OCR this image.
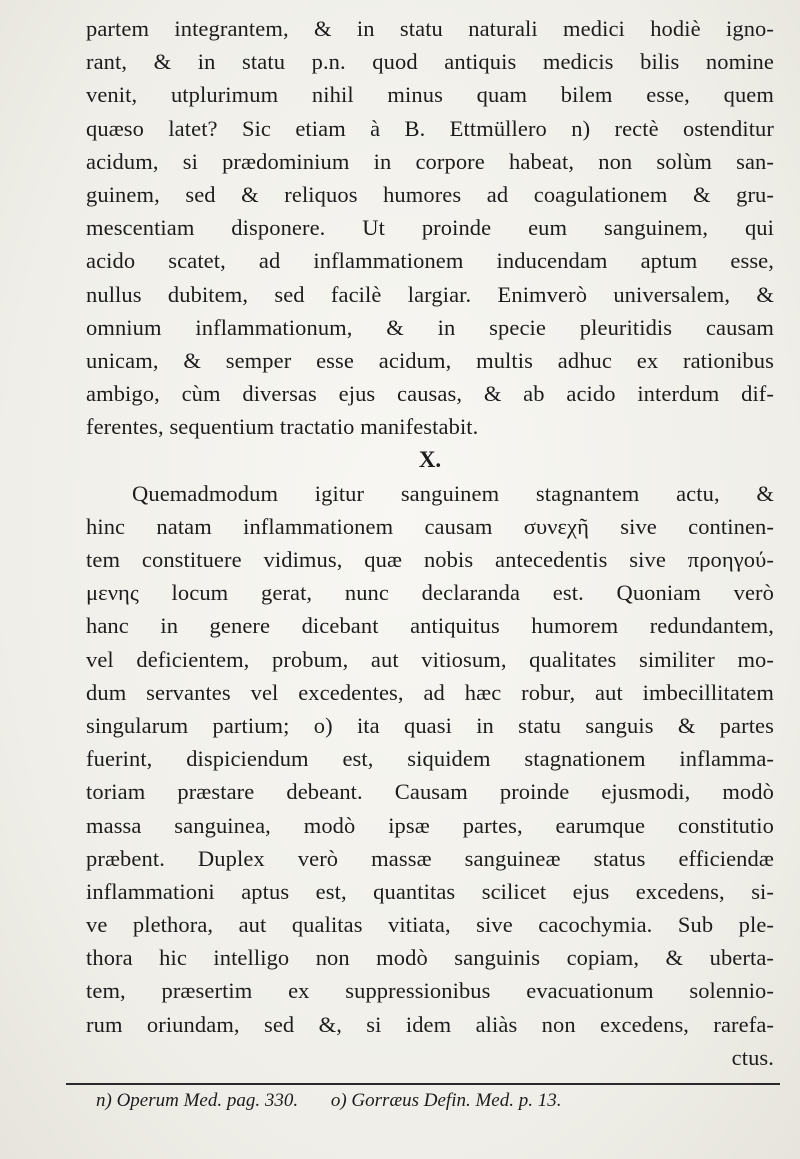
partem integrantem, & in statu naturali medici hodiè igno-
rant, & in statu p.n. quod antiquis medicis bilis nomine
venit, utplurimum nihil minus quam bilem esse, quem
quæso latet? Sic etiam à B. Ettmüllero n) rectè ostenditur
acidum, si prædominium in corpore habeat, non solùm san-
guinem, sed & reliquos humores ad coagulationem & gru-
mescentiam disponere. Ut proinde eum sanguinem, qui
acido scatet, ad inflammationem inducendam aptum esse,
nullus dubitem, sed facilè largiar. Enimverò universalem, &
omnium inflammationum, & in specie pleuritidis causam
unicam, & semper esse acidum, multis adhuc ex rationibus
ambigo, cùm diversas ejus causas, & ab acido interdum dif-
ferentes, sequentium tractatio manifestabit.
X.
Quemadmodum igitur sanguinem stagnantem actu, &
hinc natam inflammationem causam συνεχῆ sive continen-
tem constituere vidimus, quæ nobis antecedentis sive προηγού-
μενης locum gerat, nunc declaranda est. Quoniam verò
hanc in genere dicebant antiquitus humorem redundantem,
vel deficientem, probum, aut vitiosum, qualitates similiter mo-
dum servantes vel excedentes, ad hæc robur, aut imbecillitatem
singularum partium; o) ita quasi in statu sanguis & partes
fuerint, dispiciendum est, siquidem stagnationem inflamma-
toriam præstare debeant. Causam proinde ejusmodi, modò
massa sanguinea, modò ipsæ partes, earumque constitutio
præbent. Duplex verò massæ sanguineæ status efficiendæ
inflammationi aptus est, quantitas scilicet ejus excedens, si-
ve plethora, aut qualitas vitiata, sive cacochymia. Sub ple-
thora hic intelligo non modò sanguinis copiam, & uberta-
tem, præsertim ex suppressionibus evacuationum solennio-
rum oriundam, sed &, si idem aliàs non excedens, rarefa-
ctus.
n) Operum Med. pag. 330. o) Gorræus Defin. Med. p. 13.
